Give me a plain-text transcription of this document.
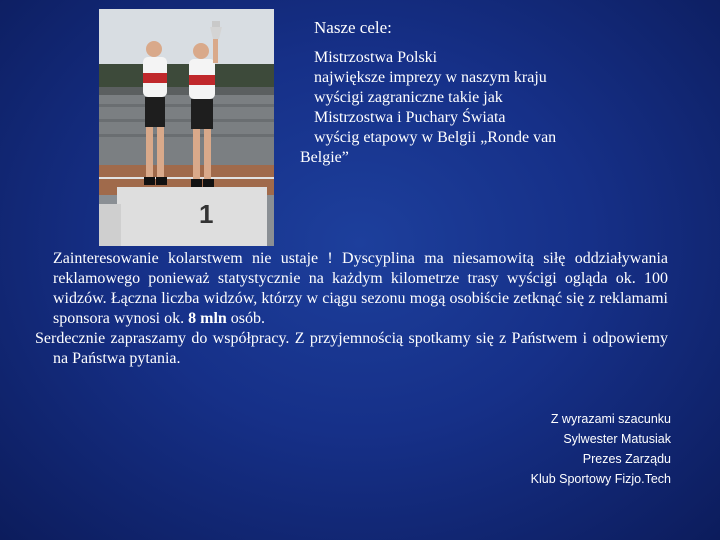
1
Nasze cele:
Mistrzostwa Polski
największe imprezy w naszym kraju
wyścigi zagraniczne takie jak
Mistrzostwa i Puchary Świata
wyścig etapowy w Belgii „Ronde van
Belgie”

Zainteresowanie kolarstwem nie ustaje ! Dyscyplina ma niesamowitą siłę oddziaływania reklamowego ponieważ statystycznie na każdym kilometrze trasy wyścigi ogląda ok. 100 widzów. Łączna liczba widzów, którzy w ciągu sezonu mogą osobiście zetknąć się z reklamami sponsora wynosi ok. 8 mln osób.

Serdecznie zapraszamy do współpracy. Z przyjemnością spotkamy się z Państwem i odpowiemy na Państwa pytania.

Z wyrazami szacunku
Sylwester Matusiak
Prezes Zarządu
Klub Sportowy Fizjo.Tech
